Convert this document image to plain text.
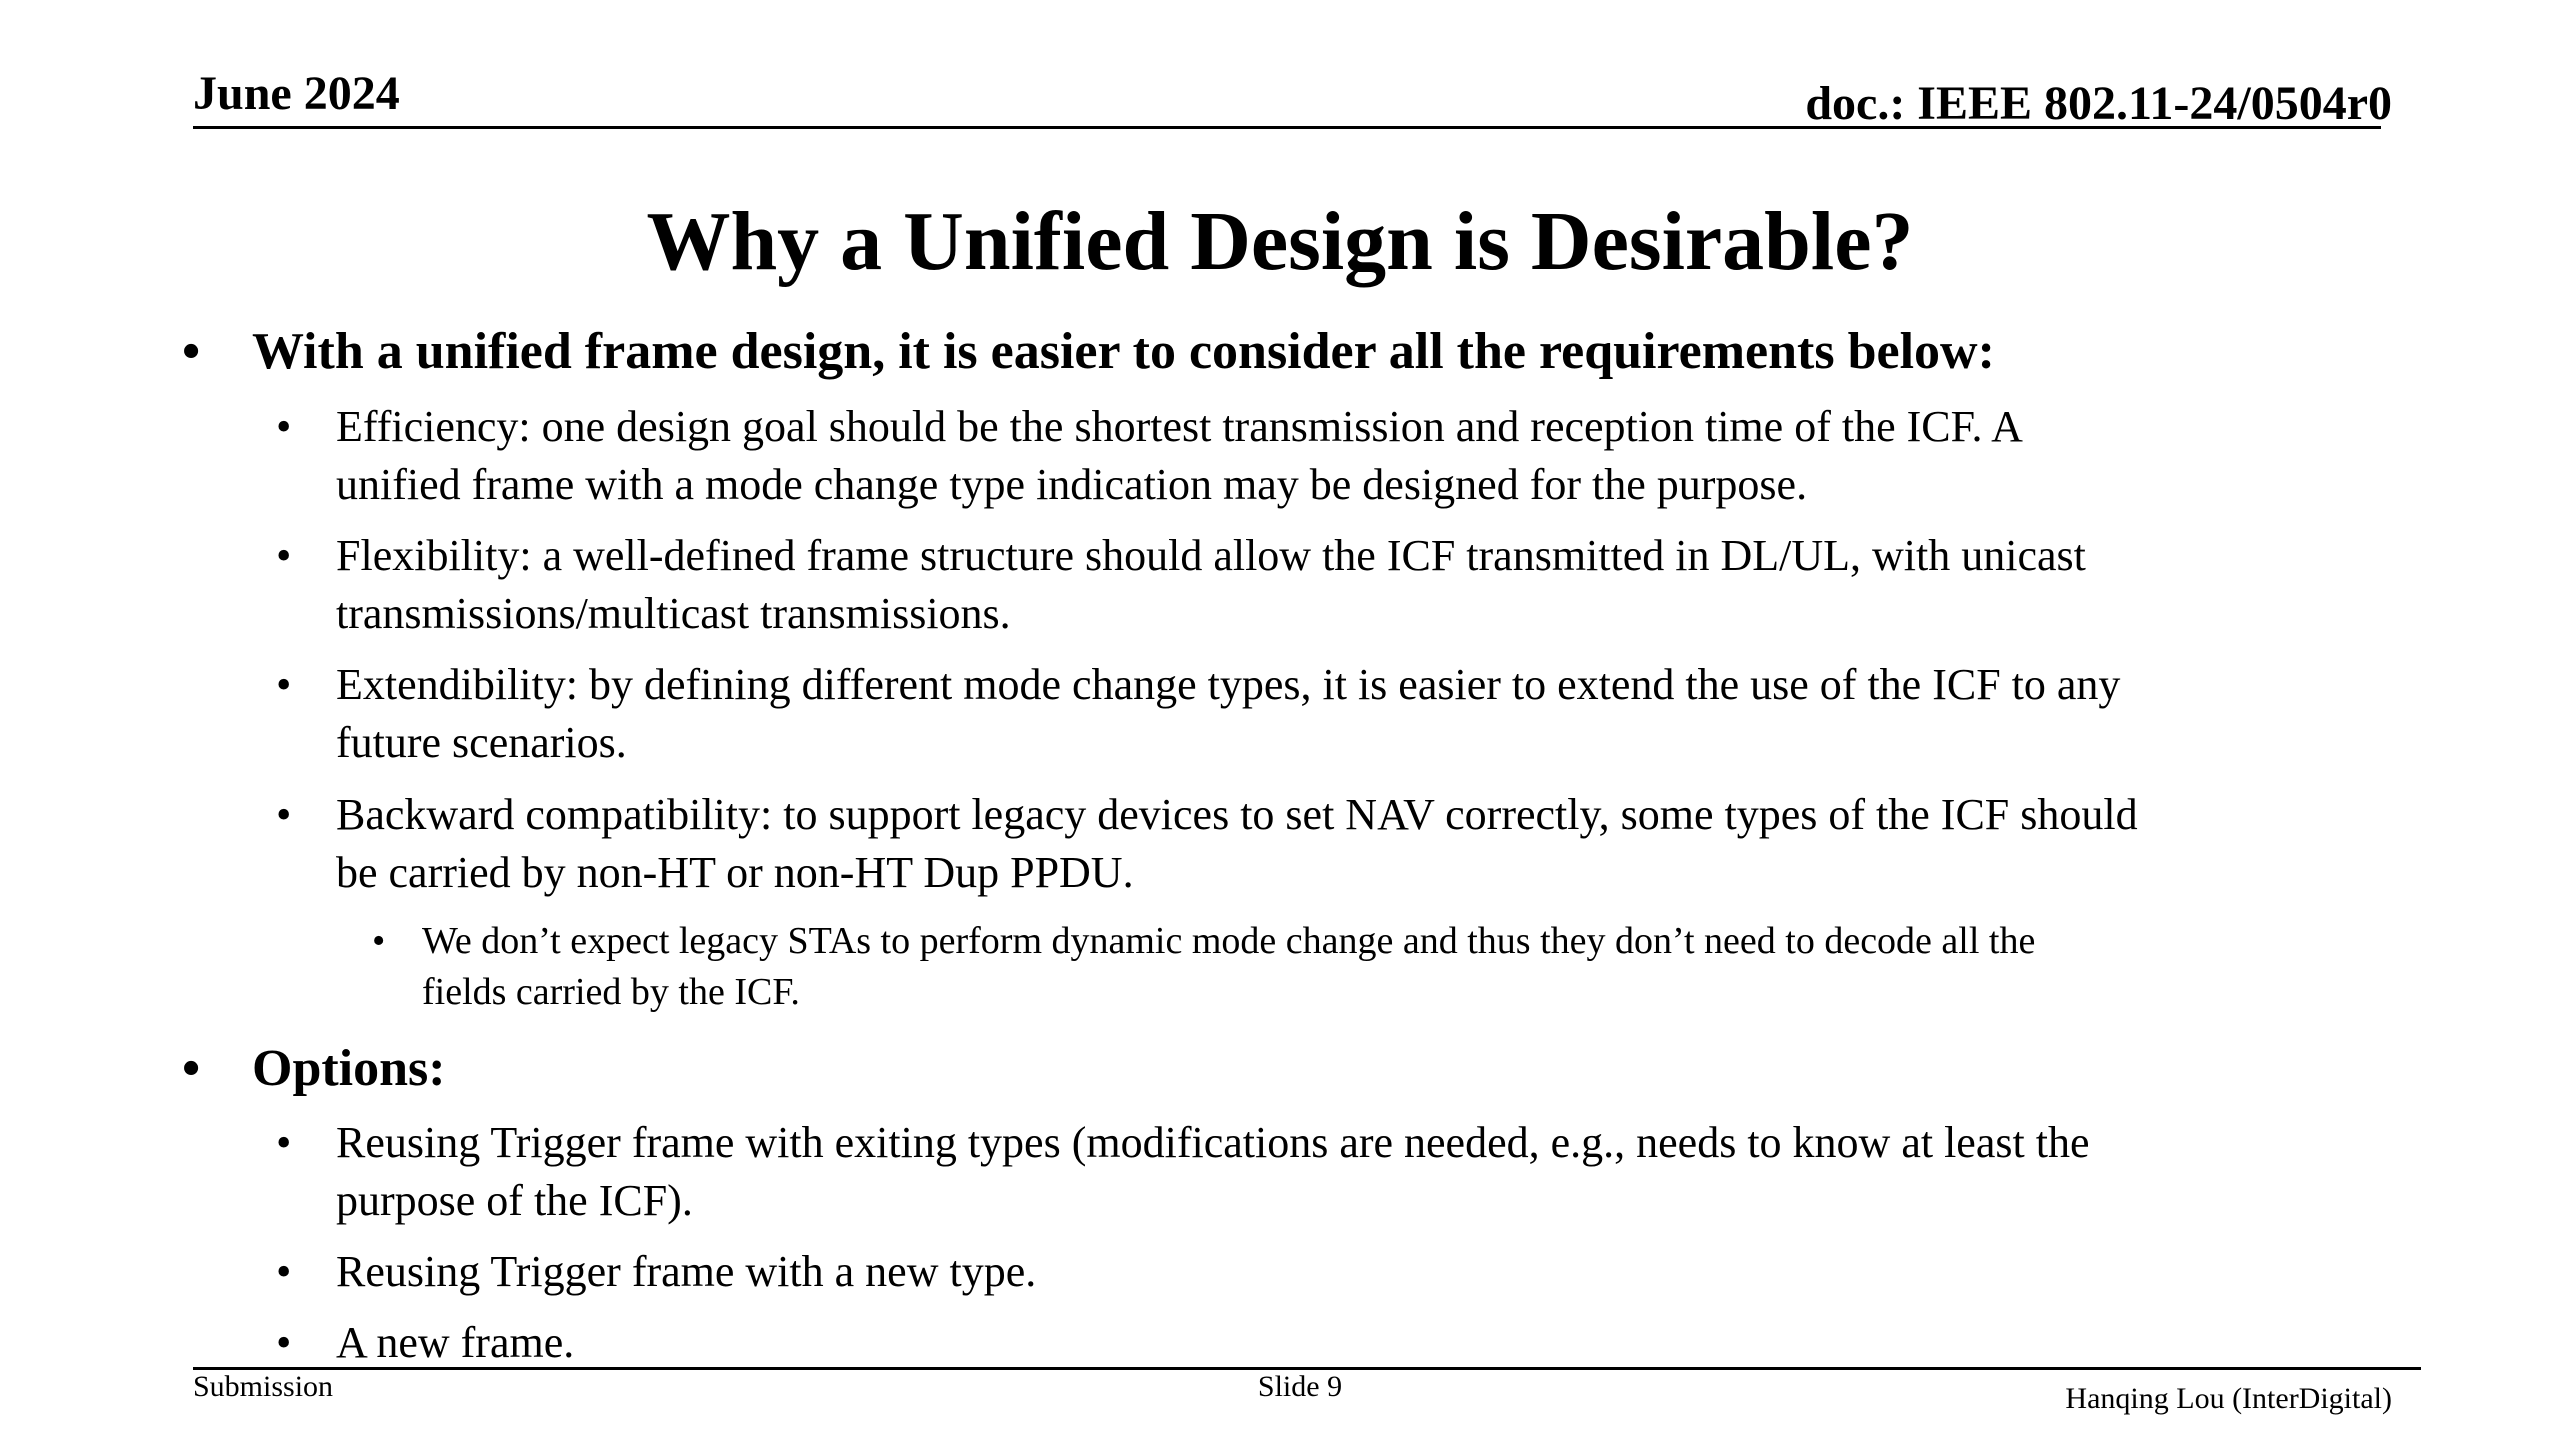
June 2024	doc.: IEEE 802.11-24/0504r0
Why a Unified Design is Desirable?
• With a unified frame design, it is easier to consider all the requirements below:
• Efficiency: one design goal should be the shortest transmission and reception time of the ICF. A
unified frame with a mode change type indication may be designed for the purpose.
• Flexibility: a well-defined frame structure should allow the ICF transmitted in DL/UL, with unicast
transmissions/multicast transmissions.
• Extendibility: by defining different mode change types, it is easier to extend the use of the ICF to any
future scenarios.
• Backward compatibility: to support legacy devices to set NAV correctly, some types of the ICF should
be carried by non-HT or non-HT Dup PPDU.
• We don’t expect legacy STAs to perform dynamic mode change and thus they don’t need to decode all the
fields carried by the ICF.
• Options:
• Reusing Trigger frame with exiting types (modifications are needed, e.g., needs to know at least the
purpose of the ICF).
• Reusing Trigger frame with a new type.
• A new frame.
Submission	Slide 9	Hanqing Lou (InterDigital)
